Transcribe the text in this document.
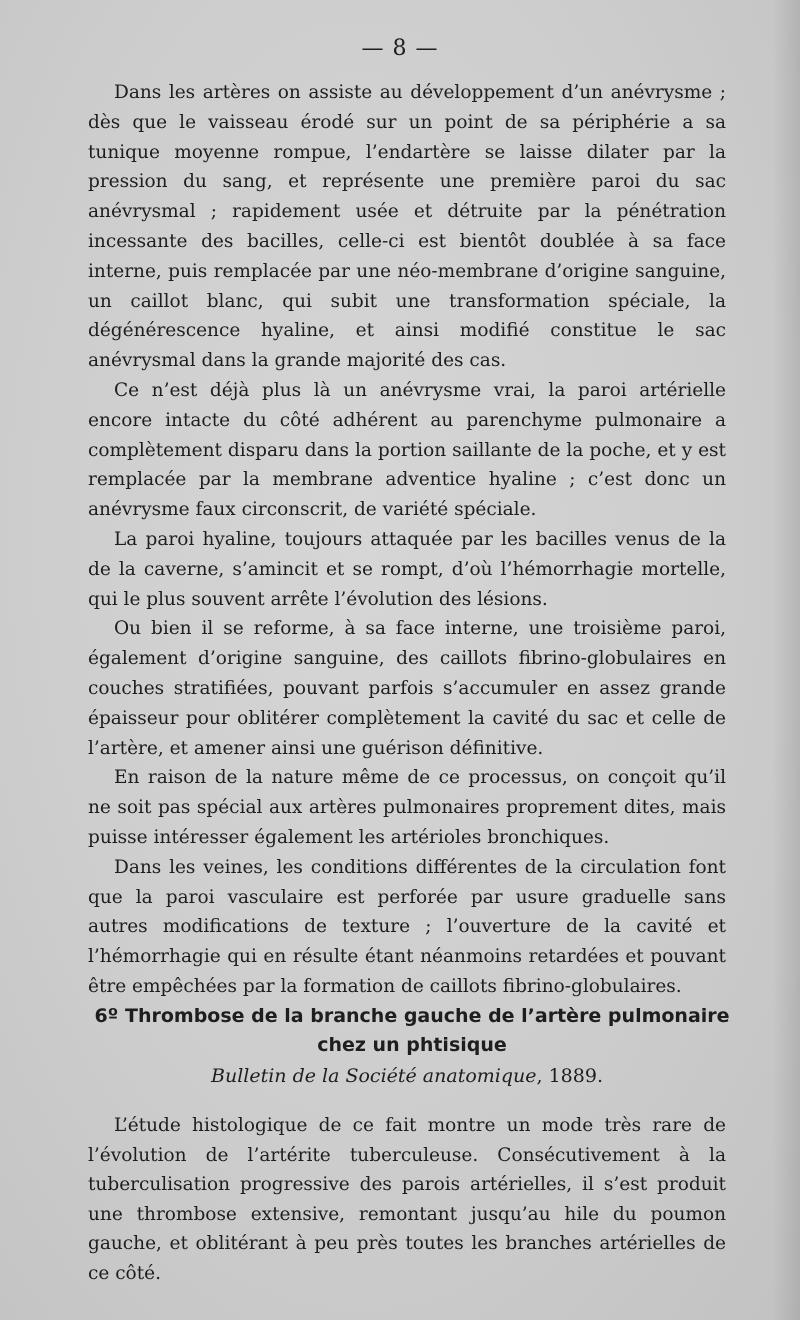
— 8 —

Dans les artères on assiste au développement d’un anévrysme ; dès que le vaisseau érodé sur un point de sa périphérie a sa tunique moyenne rompue, l’endartère se laisse dilater par la pression du sang, et représente une première paroi du sac anévrysmal ; rapidement usée et détruite par la pénétration incessante des bacilles, celle-ci est bientôt doublée à sa face interne, puis remplacée par une néo-membrane d’origine sanguine, un caillot blanc, qui subit une transformation spéciale, la dégénérescence hyaline, et ainsi modifié constitue le sac anévrysmal dans la grande majorité des cas.

Ce n’est déjà plus là un anévrysme vrai, la paroi artérielle encore intacte du côté adhérent au parenchyme pulmonaire a complètement disparu dans la portion saillante de la poche, et y est remplacée par la membrane adventice hyaline ; c’est donc un anévrysme faux circonscrit, de variété spéciale.

La paroi hyaline, toujours attaquée par les bacilles venus de la de la caverne, s’amincit et se rompt, d’où l’hémorrhagie mortelle, qui le plus souvent arrête l’évolution des lésions.

Ou bien il se reforme, à sa face interne, une troisième paroi, également d’origine sanguine, des caillots fibrino-globulaires en couches stratifiées, pouvant parfois s’accumuler en assez grande épaisseur pour oblitérer complètement la cavité du sac et celle de l’artère, et amener ainsi une guérison définitive.

En raison de la nature même de ce processus, on conçoit qu’il ne soit pas spécial aux artères pulmonaires proprement dites, mais puisse intéresser également les artérioles bronchiques.

Dans les veines, les conditions différentes de la circulation font que la paroi vasculaire est perforée par usure graduelle sans autres modifications de texture ; l’ouverture de la cavité et l’hémorrhagie qui en résulte étant néanmoins retardées et pouvant être empêchées par la formation de caillots fibrino-globulaires.

6º Thrombose de la branche gauche de l’artère pulmonaire
chez un phtisique
Bulletin de la Société anatomique, 1889.

L’étude histologique de ce fait montre un mode très rare de l’évolution de l’artérite tuberculeuse. Consécutivement à la tuberculisation progressive des parois artérielles, il s’est produit une thrombose extensive, remontant jusqu’au hile du poumon gauche, et oblitérant à peu près toutes les branches artérielles de ce côté.
